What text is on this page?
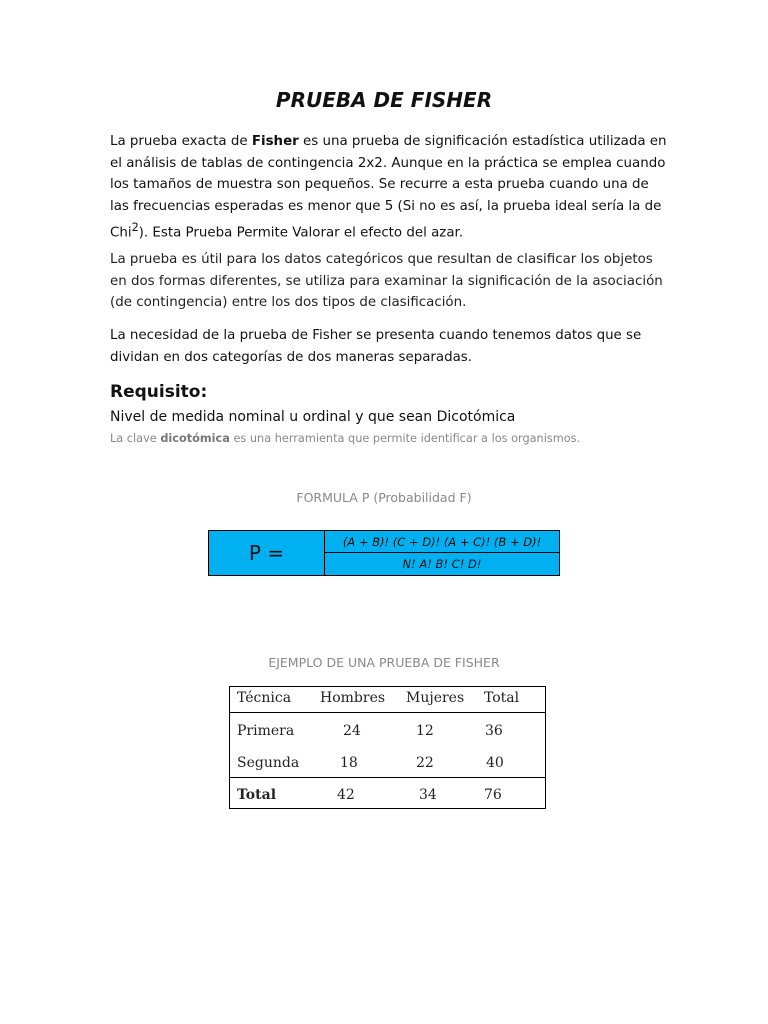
PRUEBA DE FISHER
La prueba exacta de Fisher es una prueba de significación estadística utilizada en el análisis de tablas de contingencia 2x2. Aunque en la práctica se emplea cuando los tamaños de muestra son pequeños. Se recurre a esta prueba cuando una de las frecuencias esperadas es menor que 5 (Si no es así, la prueba ideal sería la de Chi$^2$). Esta Prueba Permite Valorar el efecto del azar.
La prueba es útil para los datos categóricos que resultan de clasificar los objetos en dos formas diferentes, se utiliza para examinar la significación de la asociación (de contingencia) entre los dos tipos de clasificación.
La necesidad de la prueba de Fisher se presenta cuando tenemos datos que se dividan en dos categorías de dos maneras separadas.
Requisito:
Nivel de medida nominal u ordinal y que sean Dicotómica
La clave dicotómica es una herramienta que permite identificar a los organismos.
FORMULA P (Probabilidad F)
P =	(A + B)! (C + D)! (A + C)! (B + D)!
N! A! B! C! D!
EJEMPLO DE UNA PRUEBA DE FISHER
Técnica Hombres Mujeres Total
Primera	24	12	36
Segunda	18	22	40
Total	42	34	76
